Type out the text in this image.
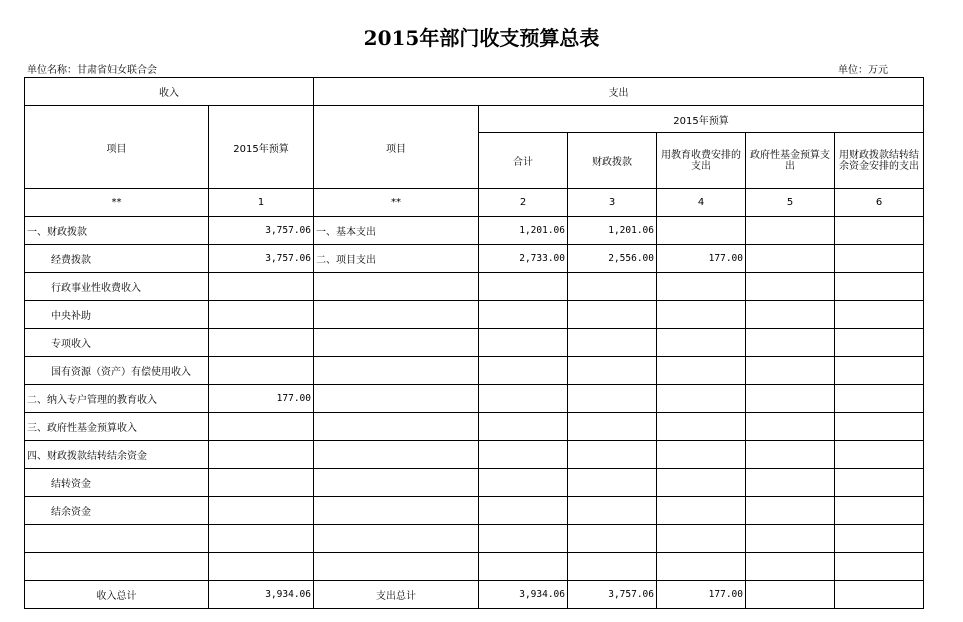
2015年部门收支预算总表
单位名称：甘肃省妇女联合会	单位：万元
收入		支出					
项目	2015年预算	项目	2015年预算				
			合计	财政拨款	用教育收费安排的支出	政府性基金预算支出	用财政拨款结转结余资金安排的支出
**	1	**	2	3	4	5	6
一、财政拨款	3,757.06	一、基本支出	1,201.06	1,201.06			
经费拨款	3,757.06	二、项目支出	2,733.00	2,556.00	177.00		
行政事业性收费收入							
中央补助							
专项收入							
国有资源（资产）有偿使用收入							
二、纳入专户管理的教育收入	177.00						
三、政府性基金预算收入							
四、财政拨款结转结余资金							
结转资金							
结余资金							

收入总计	3,934.06	支出总计	3,934.06	3,757.06	177.00		
